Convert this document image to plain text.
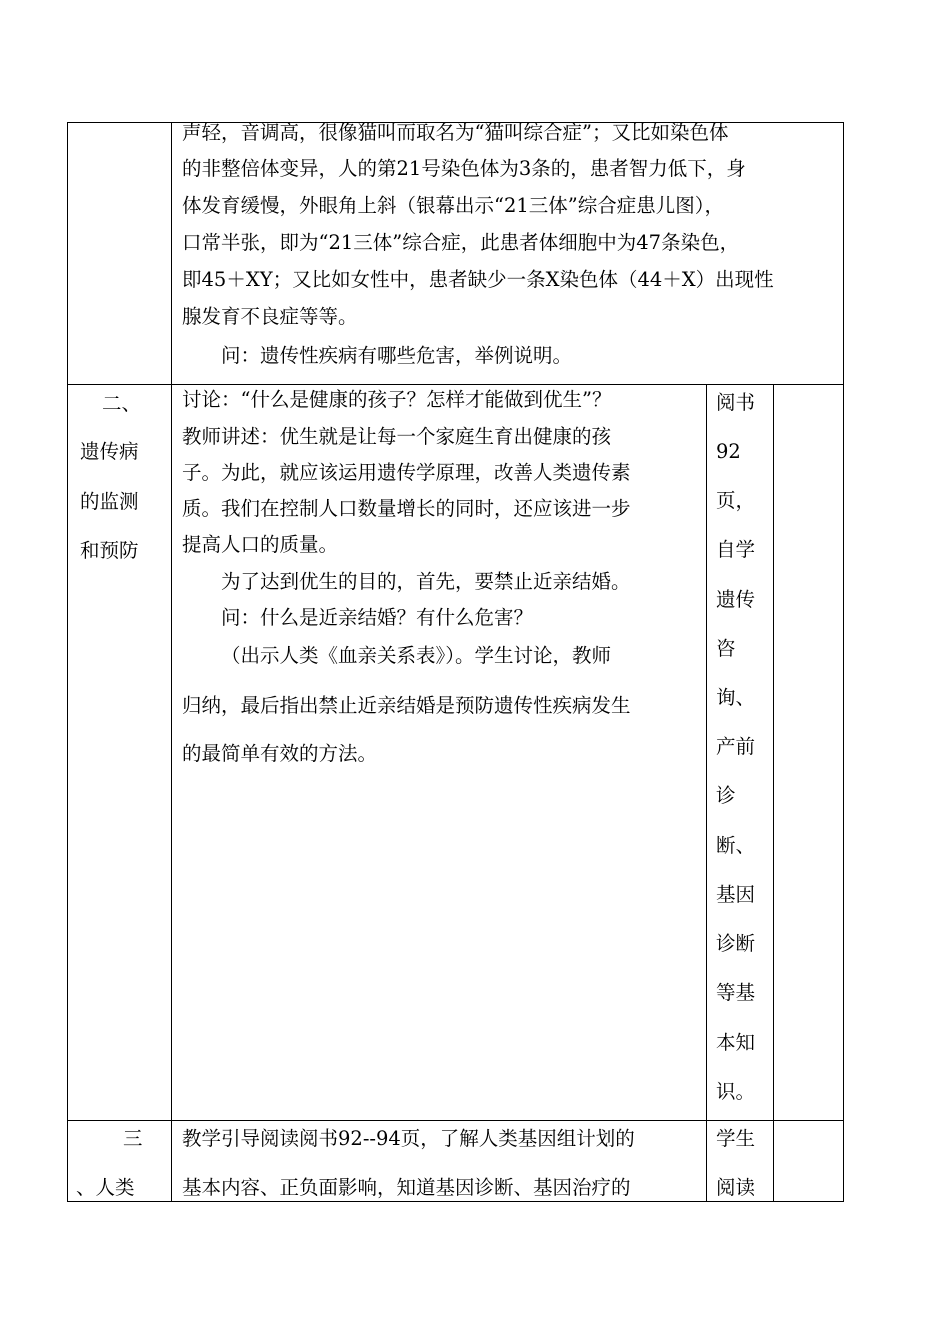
声轻，音调高，很像猫叫而取名为“猫叫综合症”；又比如染色体
的非整倍体变异，人的第21号染色体为3条的，患者智力低下，身
体发育缓慢，外眼角上斜（银幕出示“21三体”综合症患儿图），
口常半张，即为“21三体”综合症，此患者体细胞中为47条染色，
即45＋XY；又比如女性中，患者缺少一条X染色体（44＋X）出现性
腺发育不良症等等。
问：遗传性疾病有哪些危害，举例说明。
二、
遗传病
的监测
和预防
讨论：“什么是健康的孩子？怎样才能做到优生”？
教师讲述：优生就是让每一个家庭生育出健康的孩
子。为此，就应该运用遗传学原理，改善人类遗传素
质。我们在控制人口数量增长的同时，还应该进一步
提高人口的质量。
为了达到优生的目的，首先，要禁止近亲结婚。
问：什么是近亲结婚？有什么危害？
（出示人类《血亲关系表》）。学生讨论，教师
归纳，最后指出禁止近亲结婚是预防遗传性疾病发生
的最简单有效的方法。
阅书
92
页，
自学
遗传
咨
询、
产前
诊
断、
基因
诊断
等基
本知
识。
三
、人类
教学引导阅读阅书92--94页，了解人类基因组计划的
基本内容、正负面影响，知道基因诊断、基因治疗的
学生
阅读
